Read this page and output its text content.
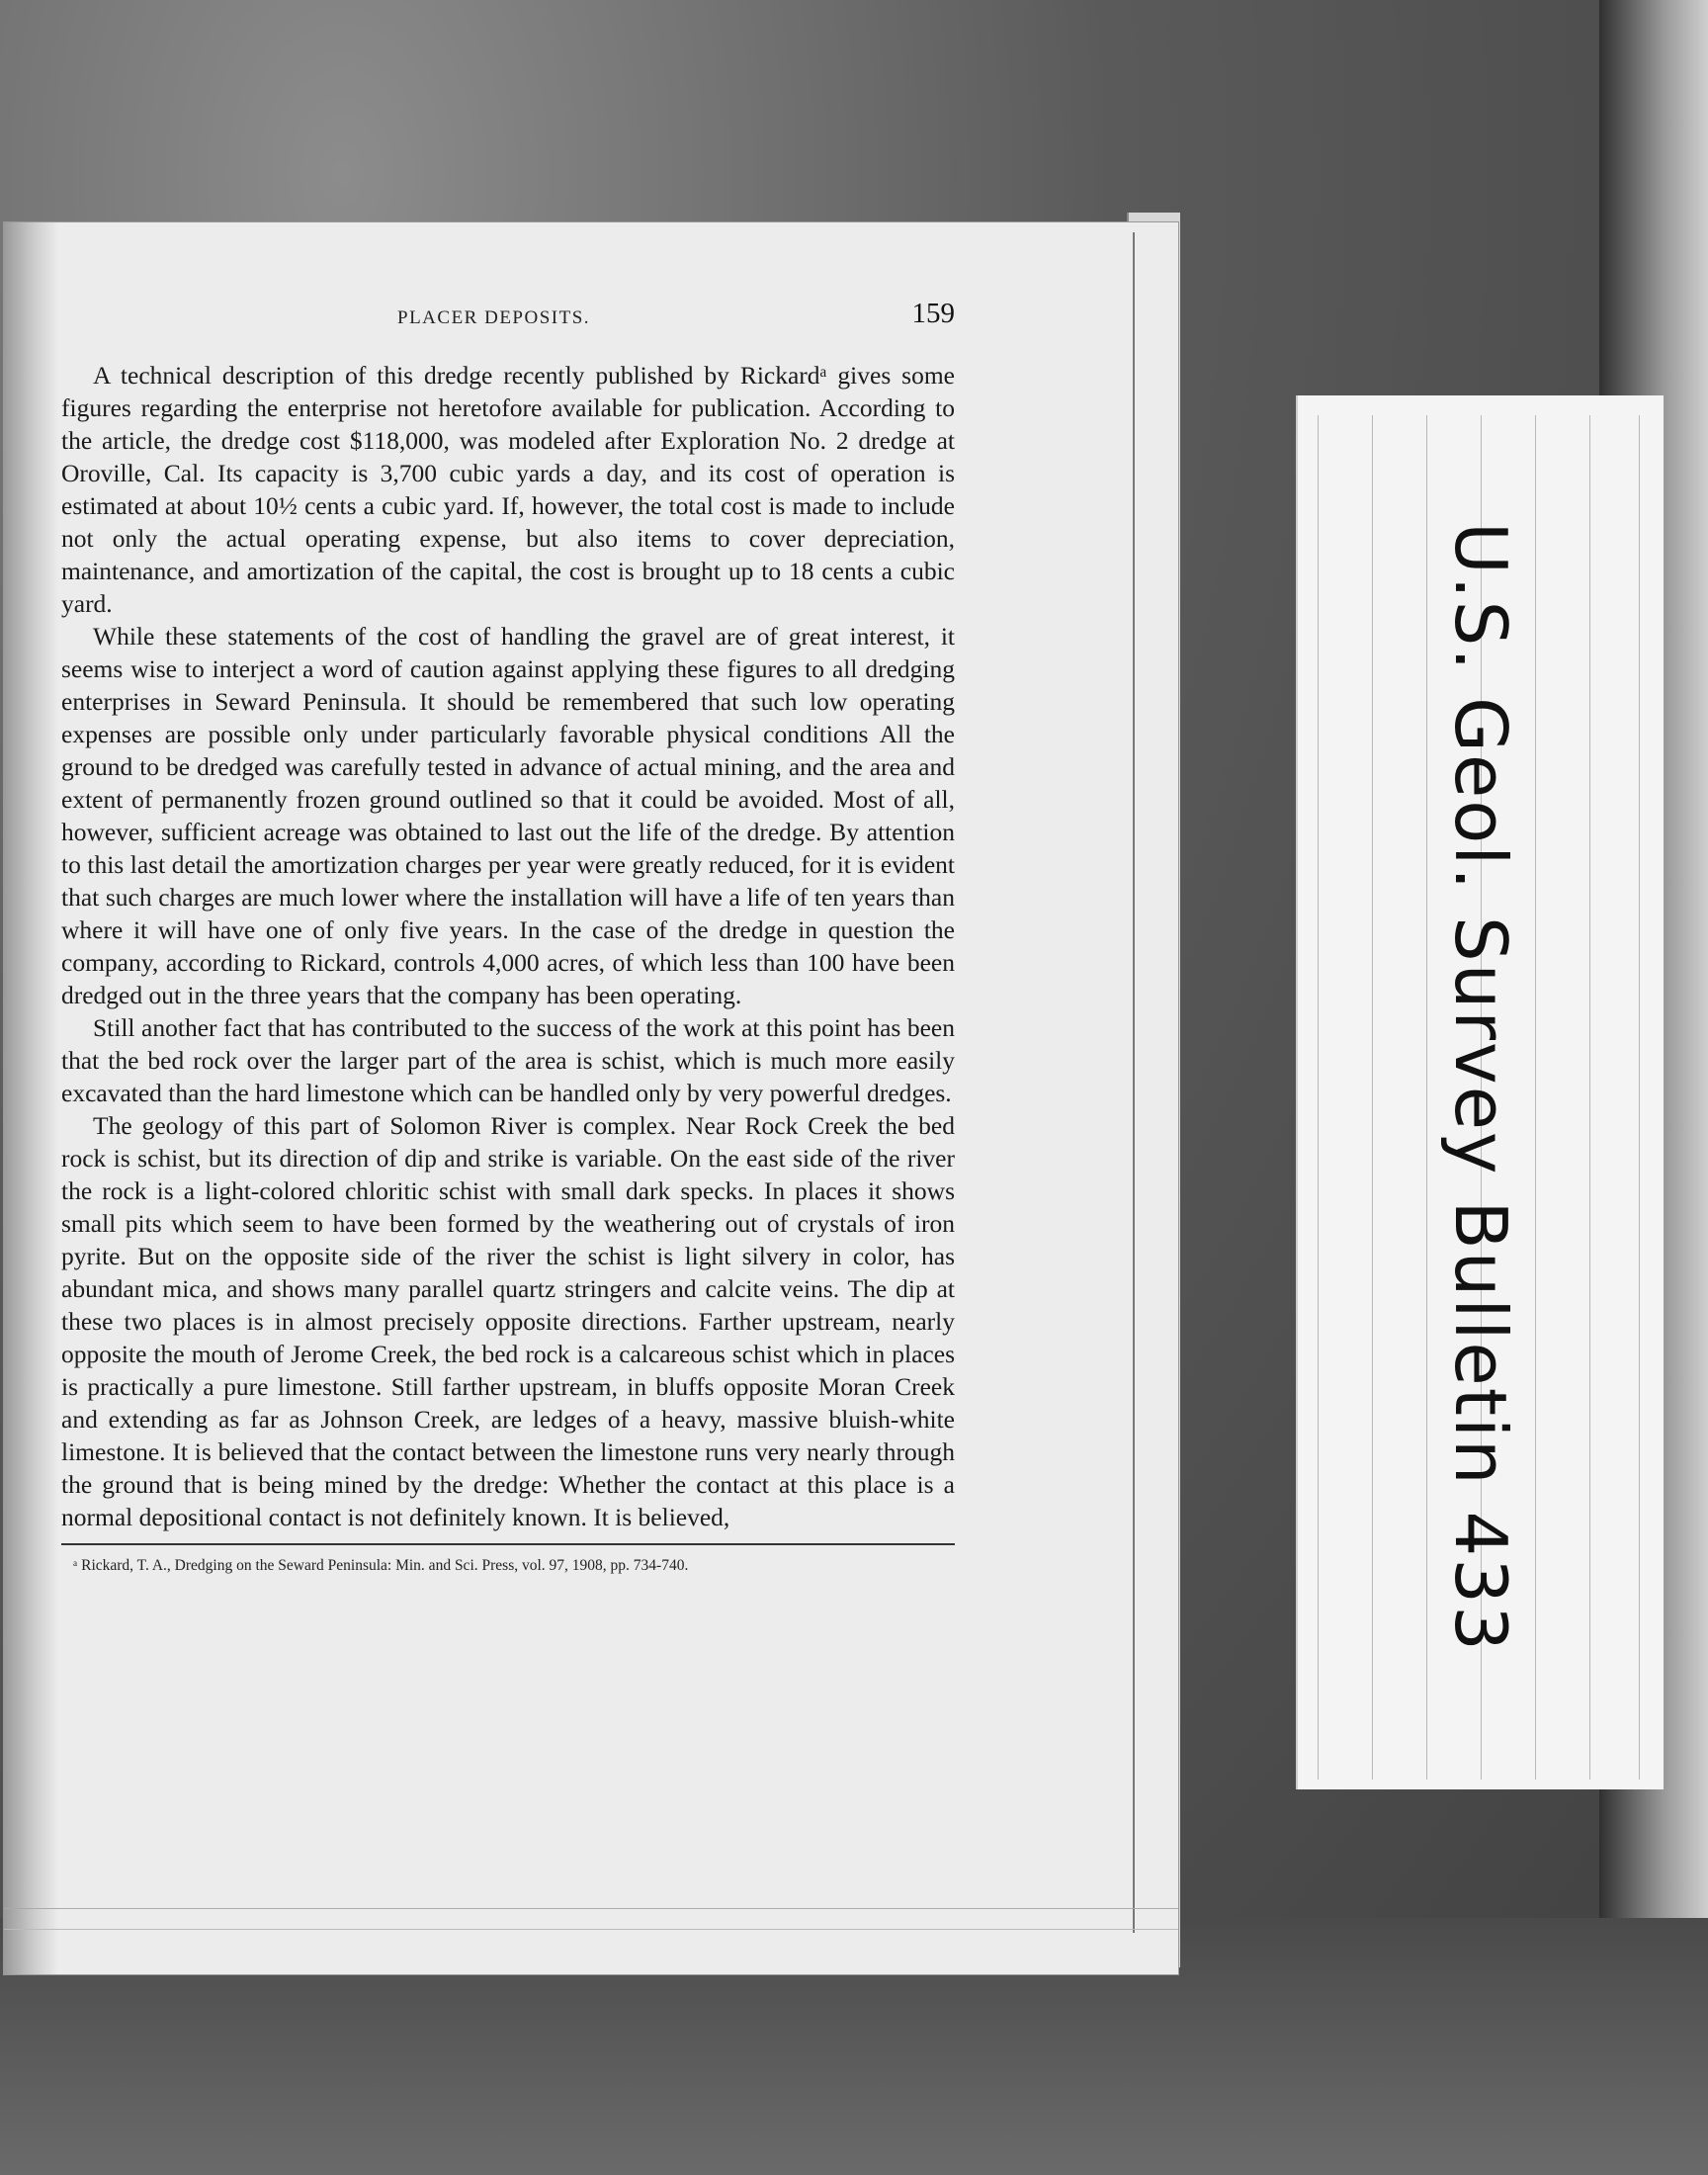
PLACER DEPOSITS.	159

A technical description of this dredge recently published by Rickardᵃ gives some figures regarding the enterprise not heretofore available for publication. According to the article, the dredge cost $118,000, was modeled after Exploration No. 2 dredge at Oroville, Cal. Its capacity is 3,700 cubic yards a day, and its cost of operation is estimated at about 10½ cents a cubic yard. If, however, the total cost is made to include not only the actual operating expense, but also items to cover depreciation, maintenance, and amortization of the capital, the cost is brought up to 18 cents a cubic yard.

While these statements of the cost of handling the gravel are of great interest, it seems wise to interject a word of caution against applying these figures to all dredging enterprises in Seward Peninsula. It should be remembered that such low operating expenses are possible only under particularly favorable physical conditions All the ground to be dredged was carefully tested in advance of actual mining, and the area and extent of permanently frozen ground outlined so that it could be avoided. Most of all, however, sufficient acreage was obtained to last out the life of the dredge. By attention to this last detail the amortization charges per year were greatly reduced, for it is evident that such charges are much lower where the installation will have a life of ten years than where it will have one of only five years. In the case of the dredge in question the company, according to Rickard, controls 4,000 acres, of which less than 100 have been dredged out in the three years that the company has been operating.

Still another fact that has contributed to the success of the work at this point has been that the bed rock over the larger part of the area is schist, which is much more easily excavated than the hard limestone which can be handled only by very powerful dredges.

The geology of this part of Solomon River is complex. Near Rock Creek the bed rock is schist, but its direction of dip and strike is variable. On the east side of the river the rock is a light-colored chloritic schist with small dark specks. In places it shows small pits which seem to have been formed by the weathering out of crystals of iron pyrite. But on the opposite side of the river the schist is light silvery in color, has abundant mica, and shows many parallel quartz stringers and calcite veins. The dip at these two places is in almost precisely opposite directions. Farther upstream, nearly opposite the mouth of Jerome Creek, the bed rock is a calcareous schist which in places is practically a pure limestone. Still farther upstream, in bluffs opposite Moran Creek and extending as far as Johnson Creek, are ledges of a heavy, massive bluish-white limestone. It is believed that the contact between the limestone runs very nearly through the ground that is being mined by the dredge: Whether the contact at this place is a normal depositional contact is not definitely known. It is believed,

ᵃ Rickard, T. A., Dredging on the Seward Peninsula: Min. and Sci. Press, vol. 97, 1908, pp. 734-740.	U.S. Geol. Survey Bulletin 433
